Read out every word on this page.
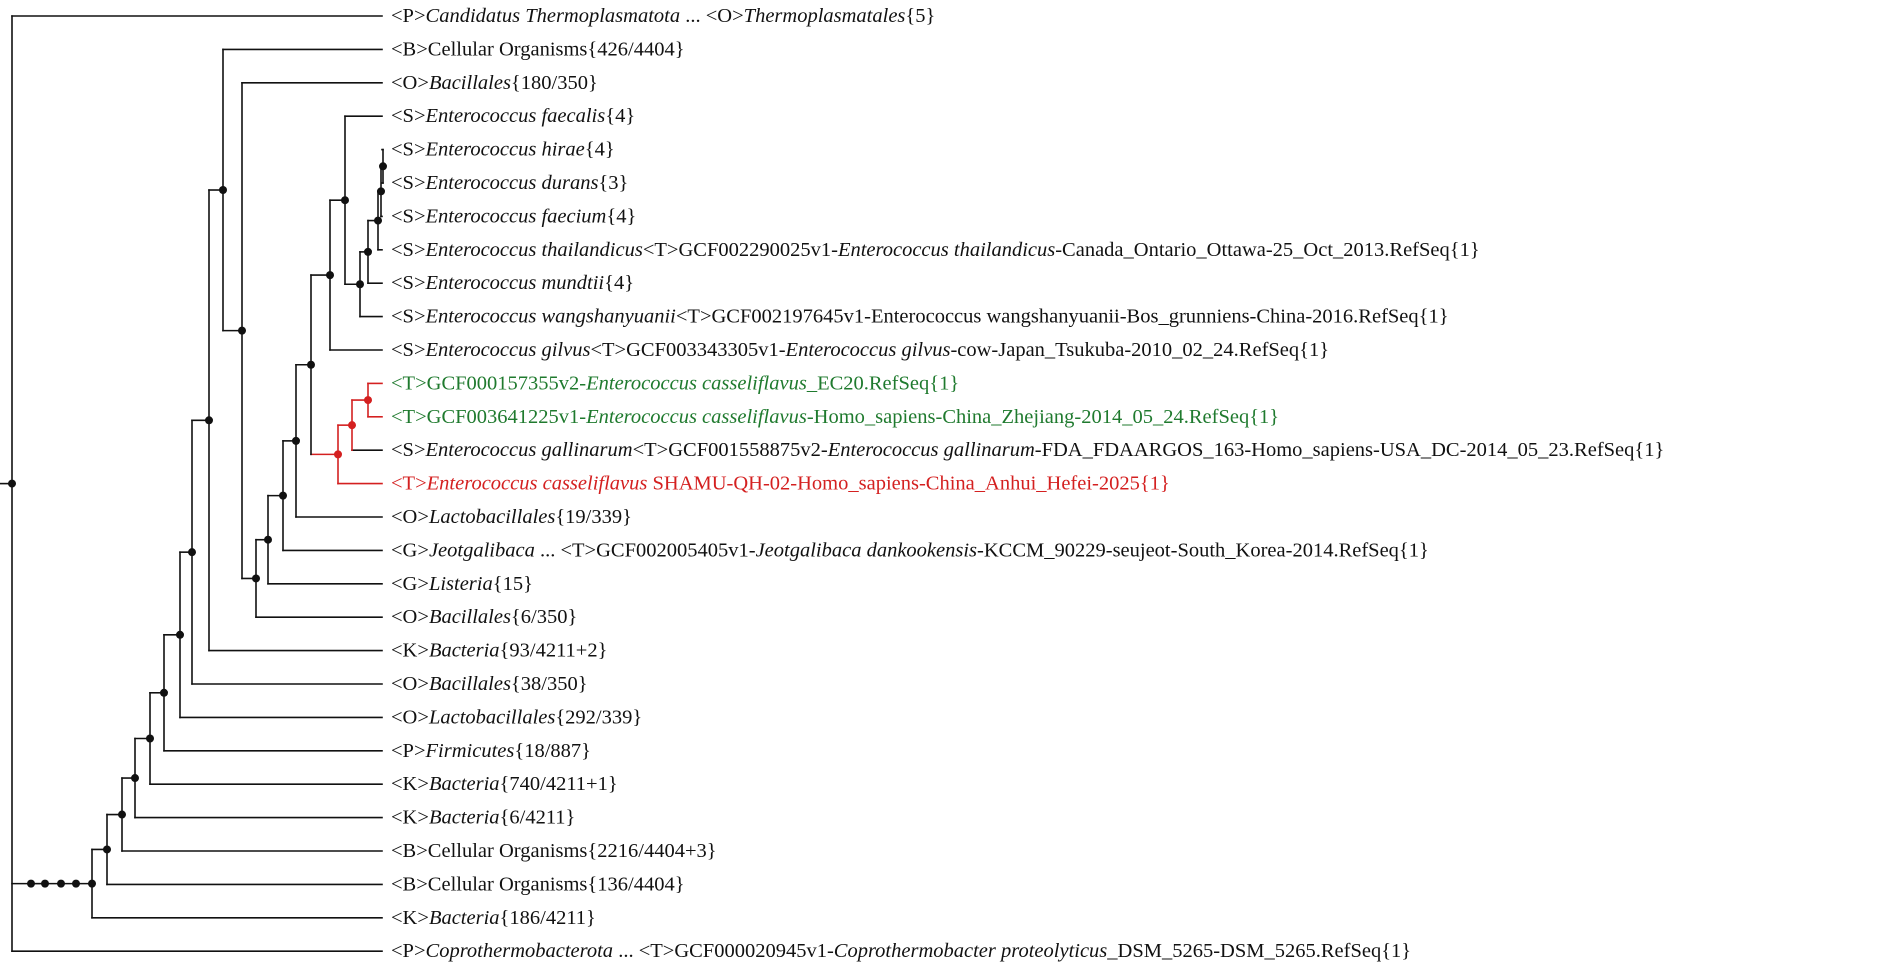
<P>Candidatus Thermoplasmatota ... <O>Thermoplasmatales{5}
<B>Cellular Organisms{426/4404}
<O>Bacillales{180/350}
<S>Enterococcus faecalis{4}
<S>Enterococcus hirae{4}
<S>Enterococcus durans{3}
<S>Enterococcus faecium{4}
<S>Enterococcus thailandicus<T>GCF002290025v1-Enterococcus thailandicus-Canada_Ontario_Ottawa-25_Oct_2013.RefSeq{1}
<S>Enterococcus mundtii{4}
<S>Enterococcus wangshanyuanii<T>GCF002197645v1-Enterococcus wangshanyuanii-Bos_grunniens-China-2016.RefSeq{1}
<S>Enterococcus gilvus<T>GCF003343305v1-Enterococcus gilvus-cow-Japan_Tsukuba-2010_02_24.RefSeq{1}
<T>GCF000157355v2-Enterococcus casseliflavus_EC20.RefSeq{1}
<T>GCF003641225v1-Enterococcus casseliflavus-Homo_sapiens-China_Zhejiang-2014_05_24.RefSeq{1}
<S>Enterococcus gallinarum<T>GCF001558875v2-Enterococcus gallinarum-FDA_FDAARGOS_163-Homo_sapiens-USA_DC-2014_05_23.RefSeq{1}
<T>Enterococcus casseliflavus SHAMU-QH-02-Homo_sapiens-China_Anhui_Hefei-2025{1}
<O>Lactobacillales{19/339}
<G>Jeotgalibaca ... <T>GCF002005405v1-Jeotgalibaca dankookensis-KCCM_90229-seujeot-South_Korea-2014.RefSeq{1}
<G>Listeria{15}
<O>Bacillales{6/350}
<K>Bacteria{93/4211+2}
<O>Bacillales{38/350}
<O>Lactobacillales{292/339}
<P>Firmicutes{18/887}
<K>Bacteria{740/4211+1}
<K>Bacteria{6/4211}
<B>Cellular Organisms{2216/4404+3}
<B>Cellular Organisms{136/4404}
<K>Bacteria{186/4211}
<P>Coprothermobacterota ... <T>GCF000020945v1-Coprothermobacter proteolyticus_DSM_5265-DSM_5265.RefSeq{1}
